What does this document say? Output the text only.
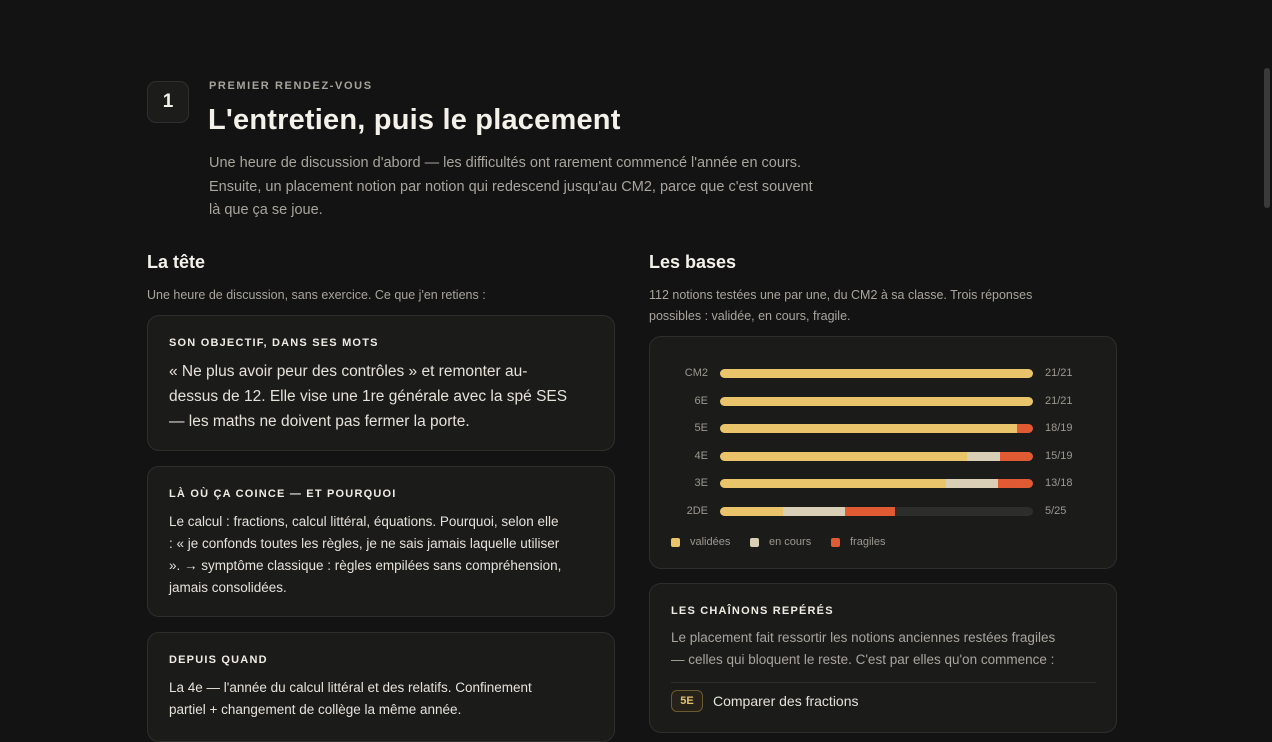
1
PREMIER RENDEZ-VOUS
L'entretien, puis le placement

Une heure de discussion d'abord — les difficultés ont rarement commencé l'année en cours.
Ensuite, un placement notion par notion qui redescend jusqu'au CM2, parce que c'est souvent
là que ça se joue.

La tête

Une heure de discussion, sans exercice. Ce que j'en retiens :

SON OBJECTIF, DANS SES MOTS

« Ne plus avoir peur des contrôles » et remonter au-
dessus de 12. Elle vise une 1re générale avec la spé SES
— les maths ne doivent pas fermer la porte.

LÀ OÙ ÇA COINCE — ET POURQUOI

Le calcul : fractions, calcul littéral, équations. Pourquoi, selon elle
: « je confonds toutes les règles, je ne sais jamais laquelle utiliser
». → symptôme classique : règles empilées sans compréhension,
jamais consolidées.

DEPUIS QUAND

La 4e — l'année du calcul littéral et des relatifs. Confinement
partiel + changement de collège la même année.

Les bases

112 notions testées une par une, du CM2 à sa classe. Trois réponses
possibles : validée, en cours, fragile.

CM2	21/21
6E	21/21
5E	18/19
4E	15/19
3E	13/18
2DE	5/25
validées	en cours	fragiles
LES CHAÎNONS REPÉRÉS

Le placement fait ressortir les notions anciennes restées fragiles
— celles qui bloquent le reste. C'est par elles qu'on commence :

5E	Comparer des fractions
